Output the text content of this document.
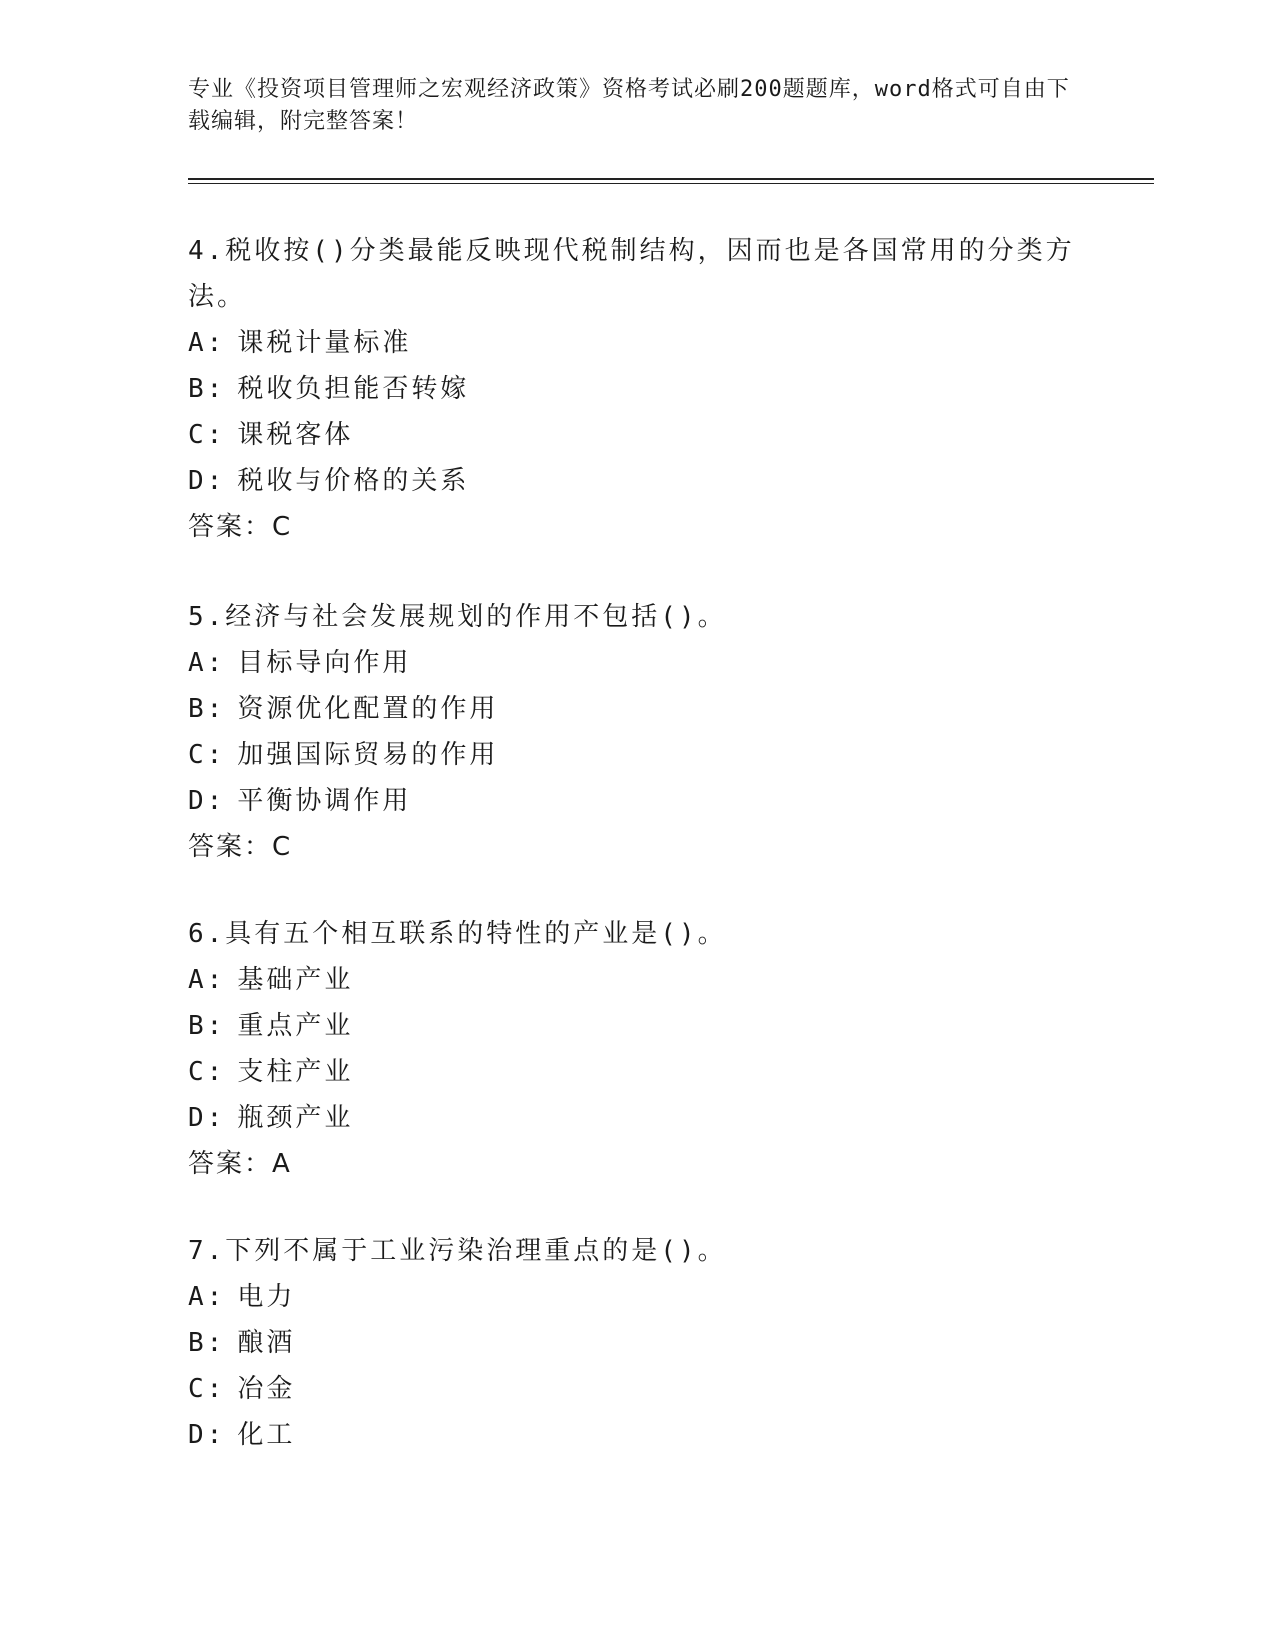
专业《投资项目管理师之宏观经济政策》资格考试必刷200题题库，word格式可自由下载编辑，附完整答案！

4.税收按()分类最能反映现代税制结构，因而也是各国常用的分类方法。

A: 课税计量标准

B: 税收负担能否转嫁

C: 课税客体

D: 税收与价格的关系

答案：C

5.经济与社会发展规划的作用不包括()。

A: 目标导向作用

B: 资源优化配置的作用

C: 加强国际贸易的作用

D: 平衡协调作用

答案：C

6.具有五个相互联系的特性的产业是()。

A: 基础产业

B: 重点产业

C: 支柱产业

D: 瓶颈产业

答案：A

7.下列不属于工业污染治理重点的是()。

A: 电力

B: 酿酒

C: 冶金

D: 化工
